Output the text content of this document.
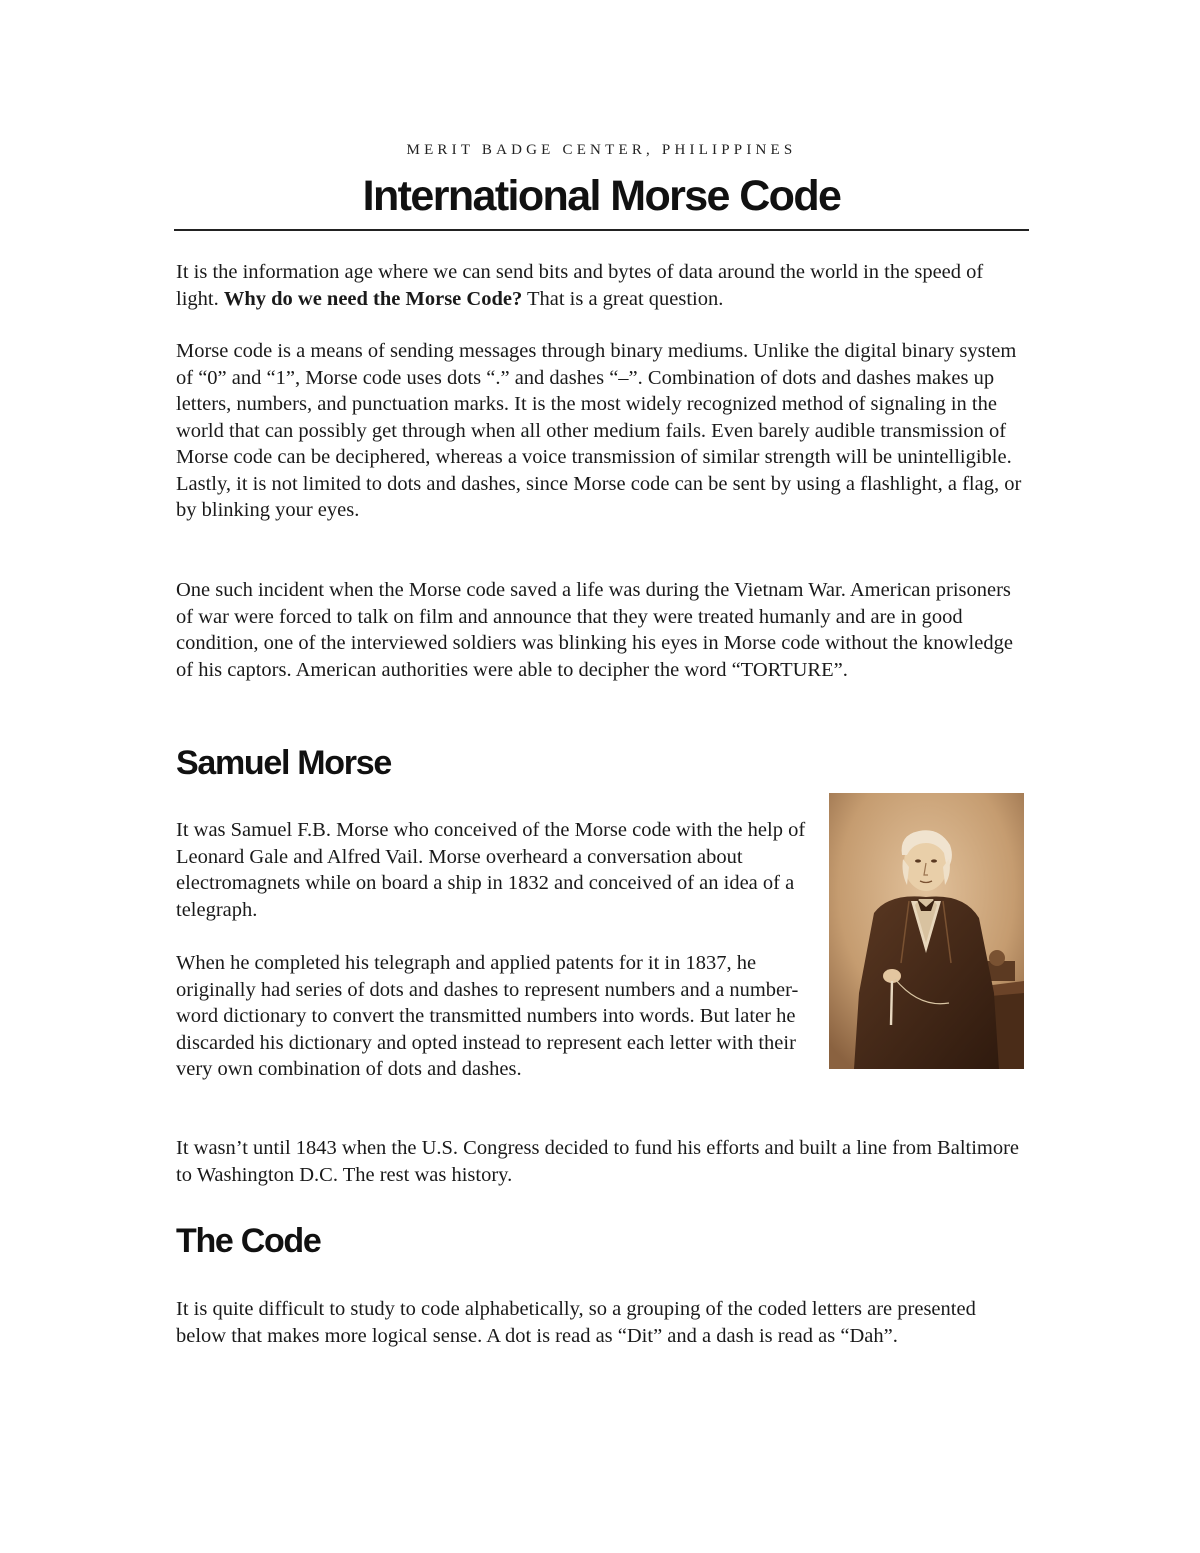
MERIT BADGE CENTER, PHILIPPINES
International Morse Code

It is the information age where we can send bits and bytes of data around the world in the speed of light. Why do we need the Morse Code? That is a great question.

Morse code is a means of sending messages through binary mediums. Unlike the digital binary system of “0” and “1”, Morse code uses dots “.” and dashes “–”. Combination of dots and dashes makes up letters, numbers, and punctuation marks. It is the most widely recognized method of signaling in the world that can possibly get through when all other medium fails. Even barely audible transmission of Morse code can be deciphered, whereas a voice transmission of similar strength will be unintelligible. Lastly, it is not limited to dots and dashes, since Morse code can be sent by using a flashlight, a flag, or by blinking your eyes.

One such incident when the Morse code saved a life was during the Vietnam War. American prisoners of war were forced to talk on film and announce that they were treated humanly and are in good condition, one of the interviewed soldiers was blinking his eyes in Morse code without the knowledge of his captors. American authorities were able to decipher the word “TORTURE”.

Samuel Morse

It was Samuel F.B. Morse who conceived of the Morse code with the help of Leonard Gale and Alfred Vail. Morse overheard a conversation about electromagnets while on board a ship in 1832 and conceived of an idea of a telegraph.

When he completed his telegraph and applied patents for it in 1837, he originally had series of dots and dashes to represent numbers and a number-word dictionary to convert the transmitted numbers into words. But later he discarded his dictionary and opted instead to represent each letter with their very own combination of dots and dashes.

It wasn’t until 1843 when the U.S. Congress decided to fund his efforts and built a line from Baltimore to Washington D.C. The rest was history.

The Code

It is quite difficult to study to code alphabetically, so a grouping of the coded letters are presented below that makes more logical sense. A dot is read as “Dit” and a dash is read as “Dah”.
